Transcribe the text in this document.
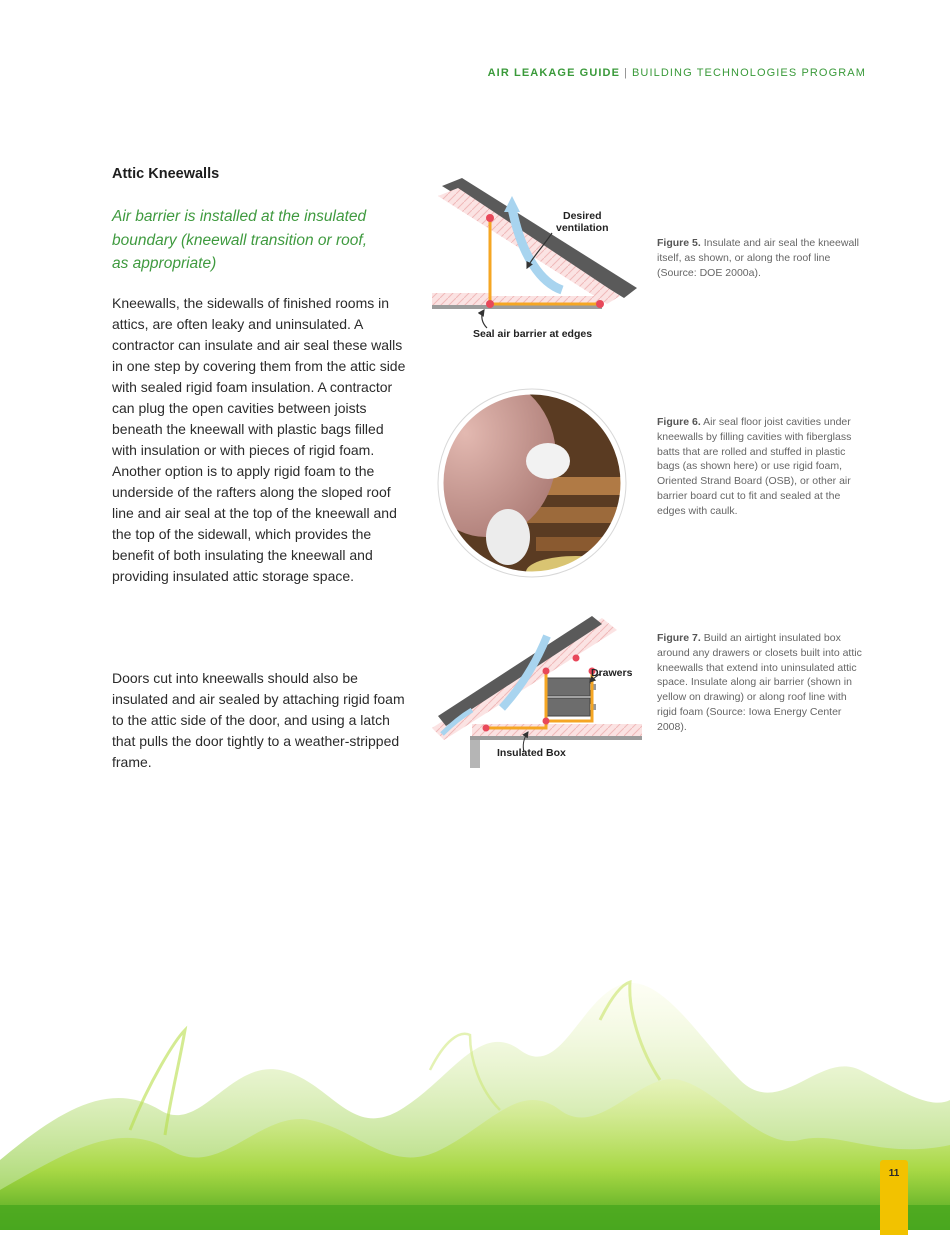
AIR LEAKAGE GUIDE | BUILDING TECHNOLOGIES PROGRAM
Attic Kneewalls

Air barrier is installed at the insulated boundary (kneewall transition or roof, as appropriate)

Kneewalls, the sidewalls of finished rooms in attics, are often leaky and uninsulated. A contractor can insulate and air seal these walls in one step by covering them from the attic side with sealed rigid foam insulation. A contractor can plug the open cavities between joists beneath the kneewall with plastic bags filled with insulation or with pieces of rigid foam. Another option is to apply rigid foam to the underside of the rafters along the sloped roof line and air seal at the top of the kneewall and the top of the sidewall, which provides the benefit of both insulating the kneewall and providing insulated attic storage space.

Doors cut into kneewalls should also be insulated and air sealed by attaching rigid foam to the attic side of the door, and using a latch that pulls the door tightly to a weather-stripped frame.

Desired
ventilation
Seal air barrier at edges

Figure 5. Insulate and air seal the kneewall itself, as shown, or along the roof line (Source: DOE 2000a).

Figure 6. Air seal floor joist cavities under kneewalls by filling cavities with fiberglass batts that are rolled and stuffed in plastic bags (as shown here) or use rigid foam, Oriented Strand Board (OSB), or other air barrier board cut to fit and sealed at the edges with caulk.

Drawers
Insulated Box

Figure 7. Build an airtight insulated box around any drawers or closets built into attic kneewalls that extend into uninsulated attic space. Insulate along air barrier (shown in yellow on drawing) or along roof line with rigid foam (Source: Iowa Energy Center 2008).

11
